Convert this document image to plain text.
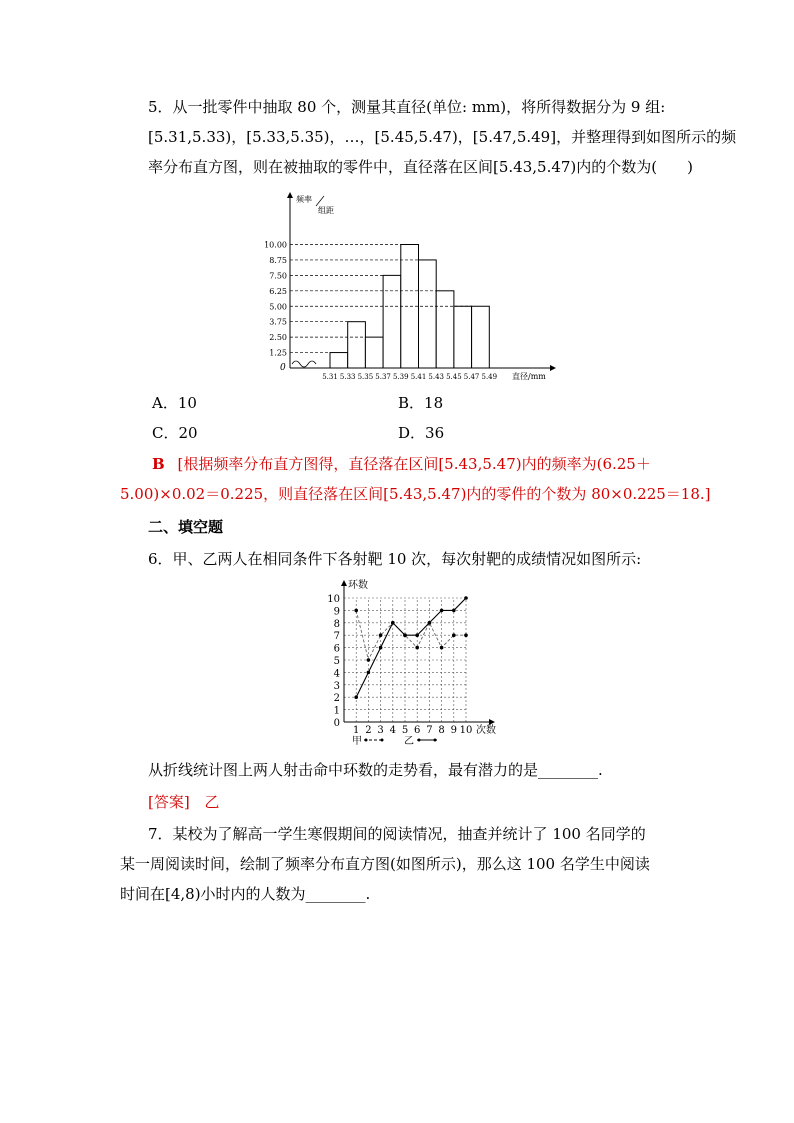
5．从一批零件中抽取 80 个，测量其直径(单位: mm)，将所得数据分为 9 组:
[5.31,5.33)，[5.33,5.35)，…，[5.45,5.47)，[5.47,5.49]，并整理得到如图所示的频
率分布直方图，则在被抽取的零件中，直径落在区间[5.43,5.47)内的个数为(　　)
0
频率
组距
1.25
2.50
3.75
5.00
6.25
7.50
8.75
10.00
5.31 5.33 5.35 5.37 5.39 5.41 5.43 5.45 5.47 5.49 直径/mm
A．10	B．18
C．20	D．36
B [根据频率分布直方图得，直径落在区间[5.43,5.47)内的频率为(6.25＋
5.00)×0.02＝0.225，则直径落在区间[5.43,5.47)内的零件的个数为 80×0.225＝18.]
二、填空题
6．甲、乙两人在相同条件下各射靶 10 次，每次射靶的成绩情况如图所示:
环数
次数
0
1
2
3
4
5
6
7
8
9
10
1 2 3 4 5 6 7 8 9 10
甲	乙
从折线统计图上两人射击命中环数的走势看，最有潜力的是________.
[答案] 乙
7．某校为了解高一学生寒假期间的阅读情况，抽查并统计了 100 名同学的
某一周阅读时间，绘制了频率分布直方图(如图所示)，那么这 100 名学生中阅读
时间在[4,8)小时内的人数为________.
